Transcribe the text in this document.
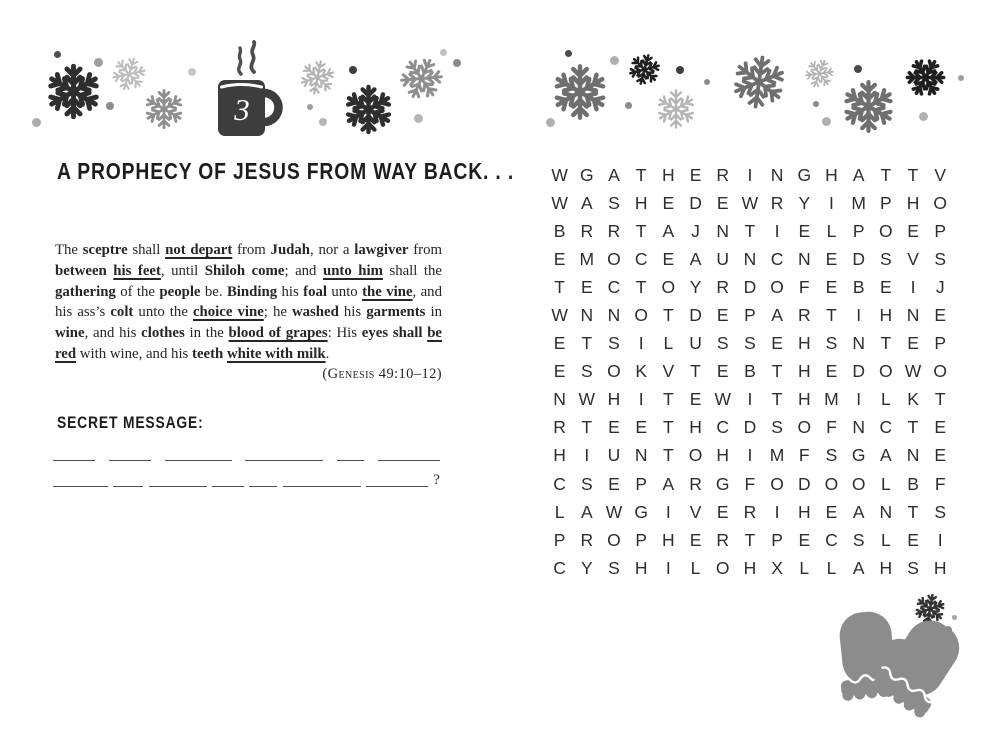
3
A PROPHECY OF JESUS FROM WAY BACK. . .

The sceptre shall not depart from Judah, nor a lawgiver from between his feet, until Shiloh come; and unto him shall the gathering of the people be. Binding his foal unto the vine, and his ass’s colt unto the choice vine; he washed his garments in wine, and his clothes in the blood of grapes: His eyes shall be red with wine, and his teeth white with milk.

(Genesis 49:10–12)
SECRET MESSAGE:
?
W G A T H E R	I	N G H A T T V
W A S H E D E W R Y	I M P H O
B R R T A J N T	I	E L P O E P
E M O C E A U N C N E D S V S
T E C T O Y R D O F E B E	I	J
W N N O T D E P A R T	I	H N E
E T S	I	L U S S E H S N T E P
E S O K V T E B T H E D O W O
N W H	I	T E W I	T H M I	L K T
R T E E T H C D S O F N C T E
H	I	U N T O H	I M F S G A N E
C S E P A R G F O D O O L B F
L A W G	I	V E R	I	H E A N T S
P R O P H E R T P E C S L E	I
C Y S H	I	L O H X L L A H S H
